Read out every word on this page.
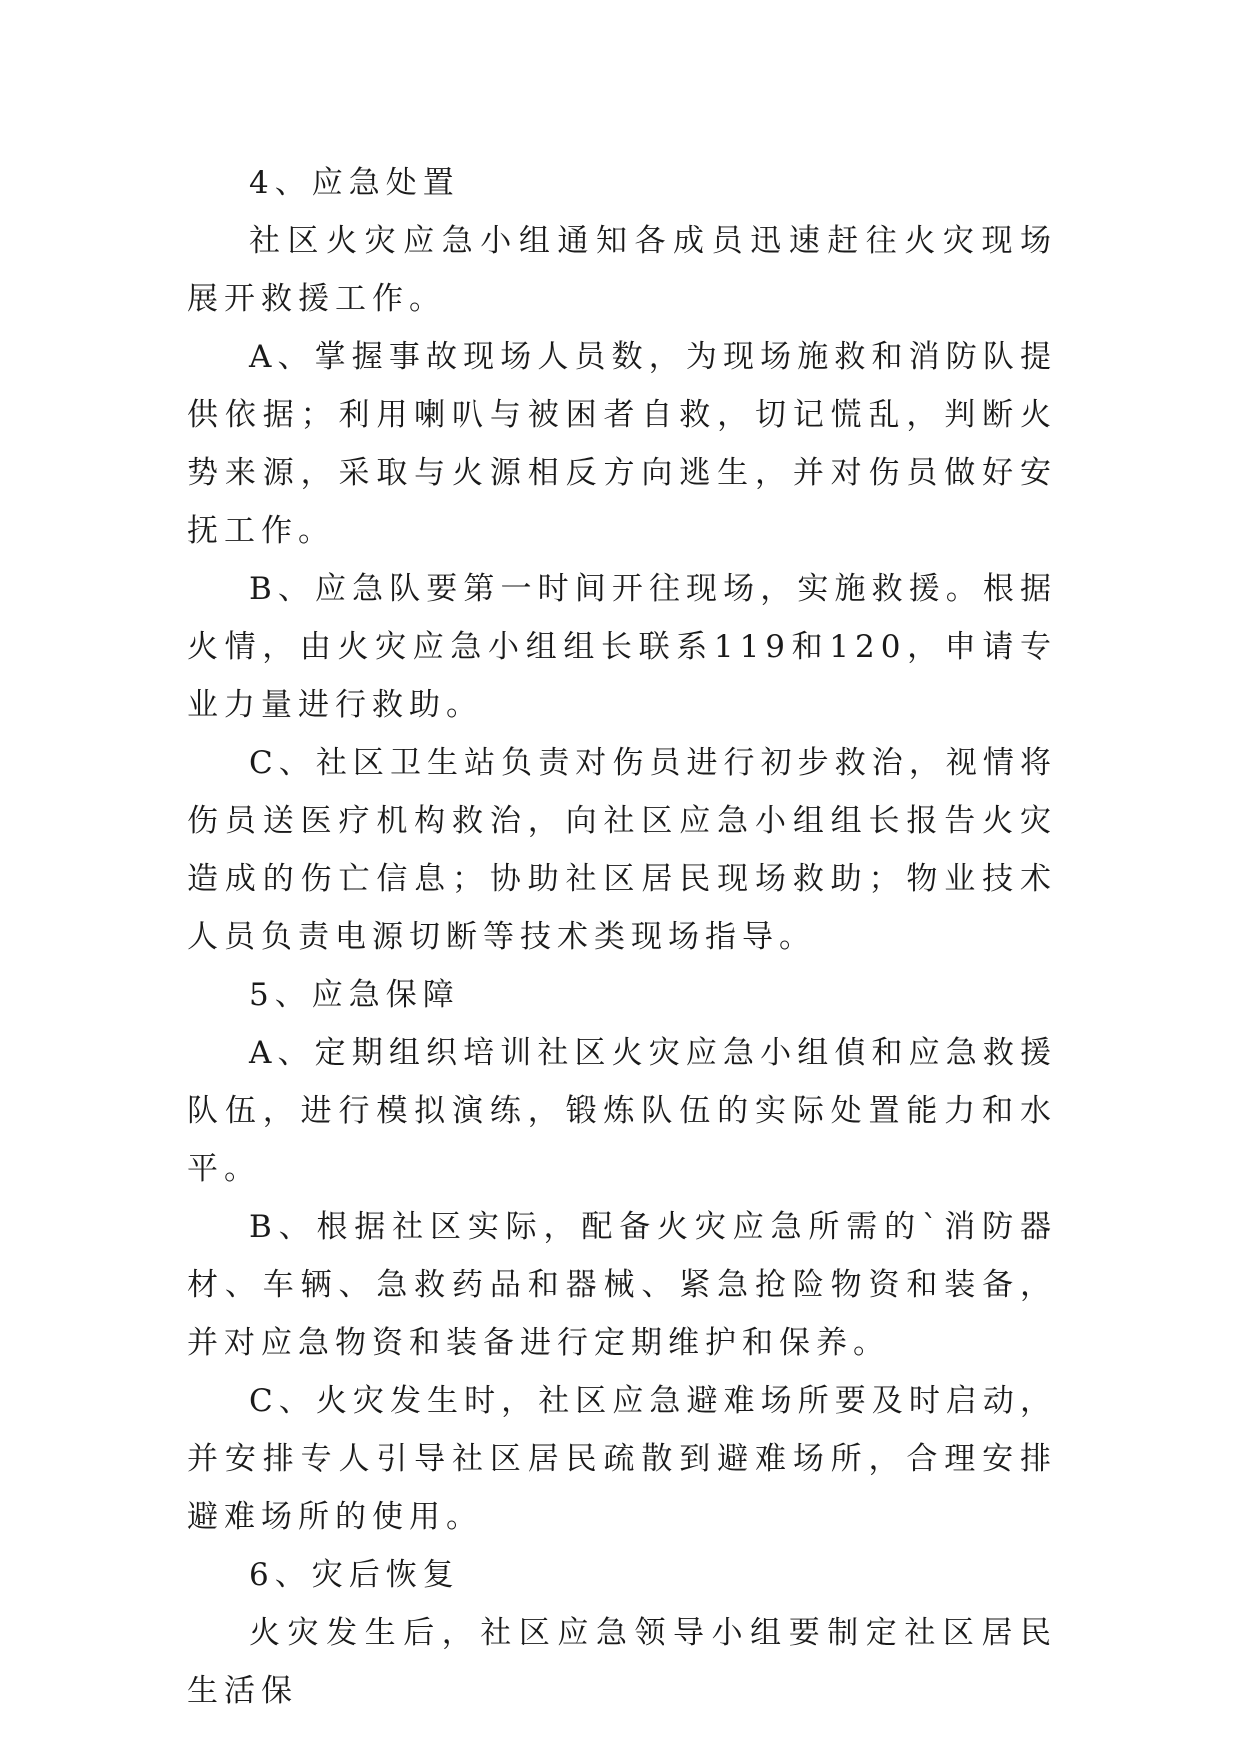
4、应急处置

社区火灾应急小组通知各成员迅速赶往火灾现场展开救援工作。

A、掌握事故现场人员数，为现场施救和消防队提供依据；利用喇叭与被困者自救，切记慌乱，判断火势来源，采取与火源相反方向逃生，并对伤员做好安抚工作。

B、应急队要第一时间开往现场，实施救援。根据火情，由火灾应急小组组长联系119和120，申请专业力量进行救助。

C、社区卫生站负责对伤员进行初步救治，视情将伤员送医疗机构救治，向社区应急小组组长报告火灾造成的伤亡信息；协助社区居民现场救助；物业技术人员负责电源切断等技术类现场指导。

5、应急保障

A、定期组织培训社区火灾应急小组偵和应急救援队伍，进行模拟演练，锻炼队伍的实际处置能力和水平。

B、根据社区实际，配备火灾应急所需的`消防器材、车辆、急救药品和器械、紧急抢险物资和装备，并对应急物资和装备进行定期维护和保养。

C、火灾发生时，社区应急避难场所要及时启动，并安排专人引导社区居民疏散到避难场所，合理安排避难场所的使用。

6、灾后恢复

火灾发生后，社区应急领导小组要制定社区居民生活保
